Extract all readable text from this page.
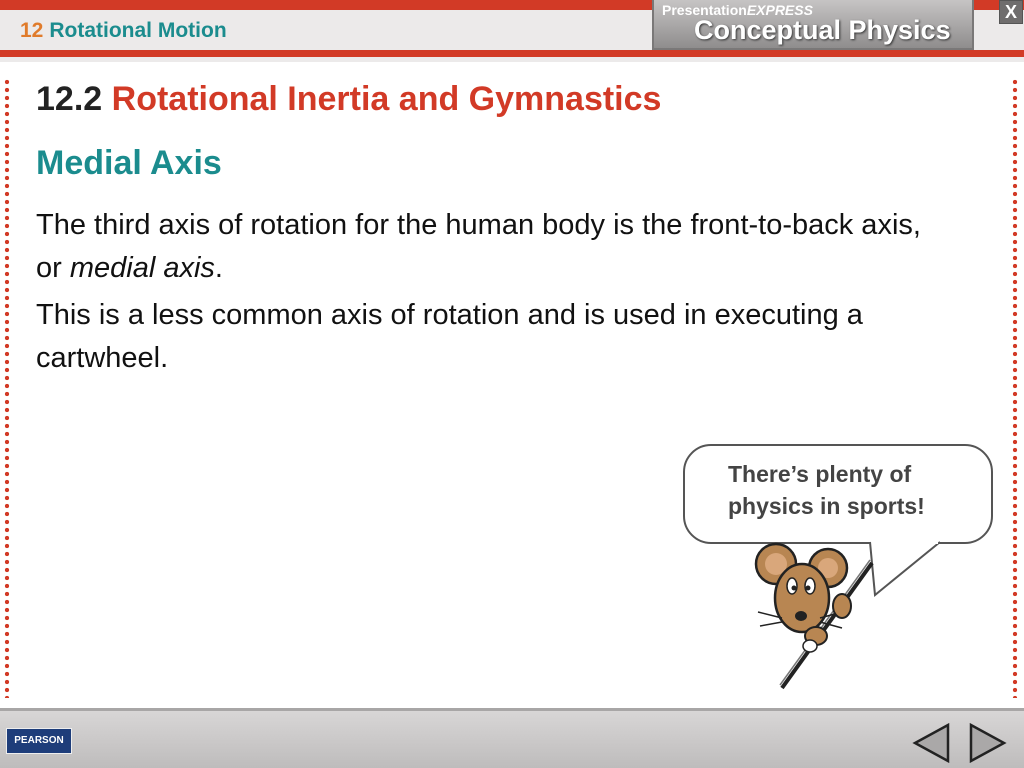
12 Rotational Motion
PresentationEXPRESS
Conceptual Physics
X
12.2 Rotational Inertia and Gymnastics
Medial Axis
The third axis of rotation for the human body is the front-to-back axis, or medial axis.
This is a less common axis of rotation and is used in executing a cartwheel.
There’s plenty of
physics in sports!
PEARSON
